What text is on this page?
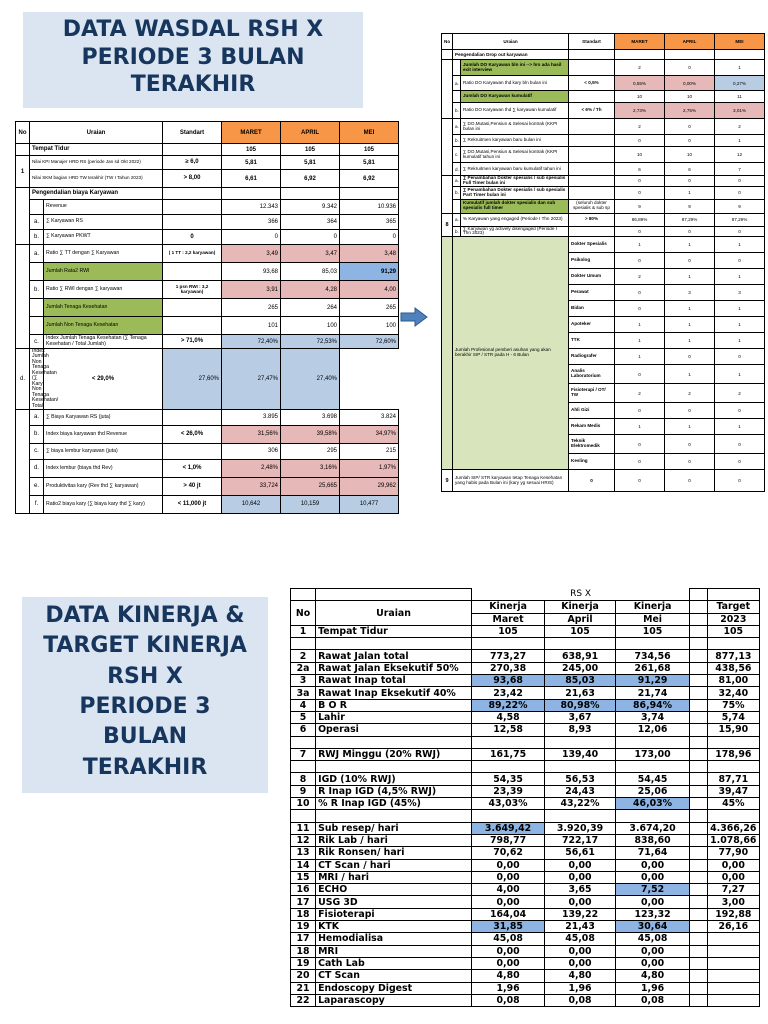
DATA WASDAL RSH X
PERIODE 3 BULAN
TERAKHIR
DATA KINERJA &
TARGET KINERJA
RSH X
PERIODE 3
BULAN
TERAKHIR
No	Uraian		Standart	MARET	APRIL	MEI
	Tempat Tidur			105	105	105
1	Nilai KPI Manajer HRD RS (periode Jan sd Okt 2022)		≥ 6,0	5,81	5,81	5,81
	Nilai SKM bagian HRD TW terakhir (TW I Tahun 2023)		> 8,00	6,61	6,92	6,92
	Pengendalian biaya Karyawan					
		Revenue		12.343	9.342	10.936
	a.	∑ Karyawan RS		366	364	365
	b.	∑ Karyawan PKWT	0	0	0	0
	a.	Ratio ∑ TT dengan ∑ Karyawan	( 1 TT : 2,2 karyawan)	3,49	3,47	3,48
		Jumlah Rata2 RWI		93,68	85,03	91,29
	b.	Ratio ∑ RWI dengan ∑ karyawan	1 psn RWI : 3,2 karyawan)	3,91	4,28	4,00
		Jumlah Tenaga Kesehatan		265	264	265
		Jumlah Non Tenaga Kesehatan		101	100	100
	c.	Index Jumlah Tenaga Kesehatan (∑ Tenaga Kesehatan / Total Jumlah)	> 71,0%	72,40%	72,53%	72,60%
d.	Index Jumlah Non Tenaga Kesehatan (∑ Kary Non Tenaga Kesehatan/ Total	< 29,0%	27,60%	27,47%	27,40%	
	a.	∑ Biaya Karyawan RS (juta)		3.895	3.698	3.824
	b.	Index biaya karyawan thd Revenue	< 26,0%	31,56%	39,58%	34,97%
	c.	∑ biaya lembur karyawan (juta)		306	295	215
	d.	Index lembur (biaya thd Rev)	< 1,0%	2,48%	3,16%	1,97%
	e.	Produktivitas kary (Rev thd ∑ karyawan)	> 40 jt	33,724	25,665	29,962
	f.	Ratio2 biaya kary (∑ biaya kary thd ∑ kary)	< 11,000 jt	10,642	10,159	10,477
No	Uraian		Standart	MARET	APRIL	MEI
	Pengendalian Drop out karyawan					
		Jumlah DO Karyawan bln ini --> hrs ada hasil exit interview		2	0	1
	a.	Ratio DO Karyawan thd kary bln bulan ini	< 0,5%	0,55%	0,00%	0,27%
		Jumlah DO Karyawan kumulatif		10	10	11
	b.	Ratio DO Karyawan thd ∑ karyawan kumulatif	< 6% / Th	2,73%	2,75%	3,01%
	a.	∑ DO,Mutasi,Pensiun & Selesai kontrak (KKPI bulan ini		2	0	2
	b.	∑ Rekruitmen karyawan baru bulan ini		0	0	1
	c.	∑ DO,Mutasi,Pensiun & Selesai kontrak (KKPI kumulatif tahun ini		10	10	12
	d.	∑ Rekruitmen karyawan baru kumulatif tahun ini		6	6	7
	a.	∑ Penambahan Dokter spesialis / sub spesialis Full Timer bulan ini		0	0	0
	b.	∑ Penambahan Dokter spesialis / sub spesialis Part Timer bulan ini		0	1	0
		Kumulatif jumlah dokter spesialis dan sub spesialis full timer	(seluruh dokter spesialis & sub sp	9	9	9
8	a.	% Karyawan yang engaged (Periode I Thn 2023)	> 80%	86,89%	87,29%	87,29%
	b.	∑ Karyawan yg actively disengaged (Periode I Thn 2023)		0	0	0
	Jumlah Profesional pemberi asuhan yang akan berakhir SIP / STR pada H - 6 Bulan		Dokter Spesialis	1	1	1
			Psikolog	0	0	0
			Dokter Umum	2	1	1
			Perawat	0	3	3
			Bidan	0	1	1
			Apoteker	1	1	1
			TTK	1	1	1
			Radiografer	1	0	0
			Analis Laboratorium	0	1	1
			Fisioterapi / OT/ TW	2	2	2
			Ahli Gizi	0	0	0
			Rekam Medis	1	1	1
			Teknik Elektromedik	0	0	0
			Kesling	0	0	0
9	Jumlah SIP/ STR karyawan tetap Tenaga Kesehatan yang habis pada Bulan ini (kary yg sesuai HRIS)		0	0	0	0
		RS X				
No	Uraian	Kinerja	Kinerja	Kinerja		Target
		Maret	April	Mei		2023
1	Tempat Tidur	105	105	105		105

2	Rawat Jalan total	773,27	638,91	734,56		877,13
2a	Rawat Jalan Eksekutif 50%	270,38	245,00	261,68		438,56
3	Rawat Inap total	93,68	85,03	91,29		81,00
3a	Rawat Inap Eksekutif 40%	23,42	21,63	21,74		32,40
4	B O R	89,22%	80,98%	86,94%		75%
5	Lahir	4,58	3,67	3,74		5,74
6	Operasi	12,58	8,93	12,06		15,90

7	RWJ Minggu (20% RWJ)	161,75	139,40	173,00		178,96

8	IGD (10% RWJ)	54,35	56,53	54,45		87,71
9	R Inap IGD (4,5% RWJ)	23,39	24,43	25,06		39,47
10	% R Inap IGD (45%)	43,03%	43,22%	46,03%		45%

11	Sub resep/ hari	3.649,42	3.920,39	3.674,20		4.366,26
12	Rik Lab / hari	798,77	722,17	838,60		1.078,66
13	Rik Ronsen/ hari	70,62	56,61	71,64		77,90
14	CT Scan / hari	0,00	0,00	0,00		0,00
15	MRI / hari	0,00	0,00	0,00		0,00
16	ECHO	4,00	3,65	7,52		7,27
17	USG 3D	0,00	0,00	0,00		3,00
18	Fisioterapi	164,04	139,22	123,32		192,88
19	KTK	31,85	21,43	30,64		26,16
17	Hemodialisa	45,08	45,08	45,08		
18	MRI	0,00	0,00	0,00		
19	Cath Lab	0,00	0,00	0,00		
20	CT Scan	4,80	4,80	4,80		
21	Endoscopy Digest	1,96	1,96	1,96		
22	Laparascopy	0,08	0,08	0,08		
